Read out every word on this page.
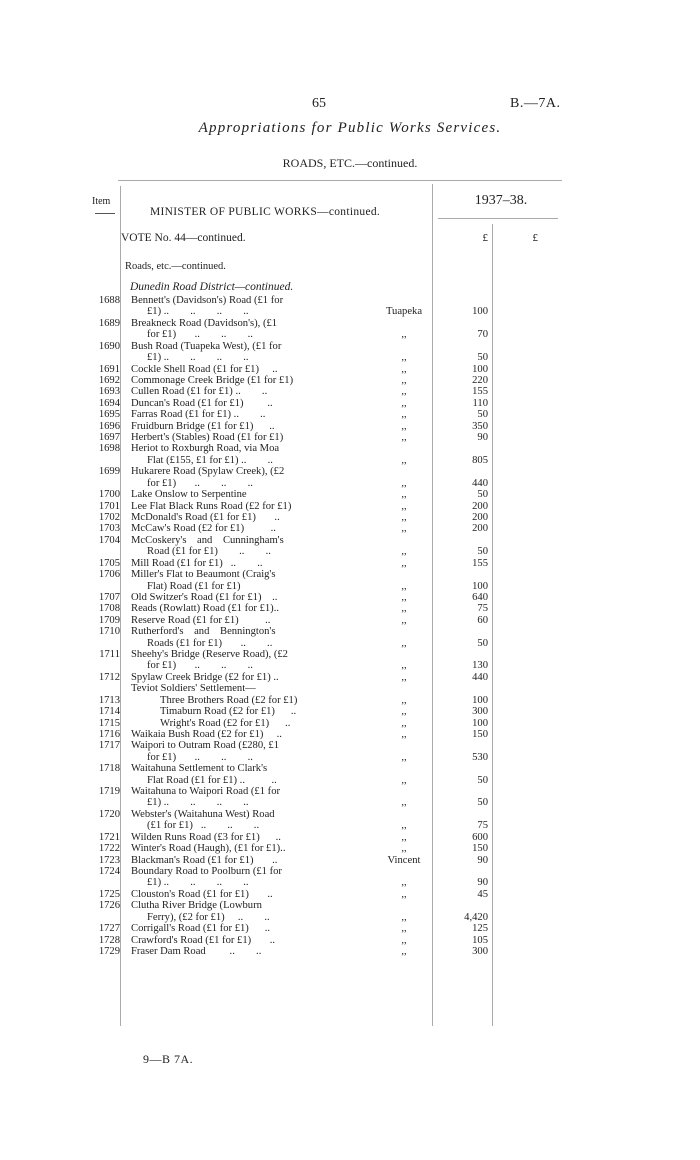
65	B.—7A.
Appropriations for Public Works Services.
ROADS, ETC.—continued.
Item	1937–38.
MINISTER OF PUBLIC WORKS—continued.
VOTE No. 44—continued.	£	£
Roads, etc.—continued.
Dunedin Road District—continued.
1688 Bennett's (Davidson's) Road (£1 for
£1) ..        ..        ..        ..	Tuapeka	100
1689 Breakneck Road (Davidson's), (£1
for £1)       ..        ..        ..	,,	70
1690 Bush Road (Tuapeka West), (£1 for
£1) ..        ..        ..        ..	,,	50
1691 Cockle Shell Road (£1 for £1)     ..	,,	100
1692 Commonage Creek Bridge (£1 for £1)	,,	220
1693 Cullen Road (£1 for £1) ..        ..	,,	155
1694 Duncan's Road (£1 for £1)         ..	,,	110
1695 Farras Road (£1 for £1) ..        ..	,,	50
1696 Fruidburn Bridge (£1 for £1)      ..	,,	350
1697 Herbert's (Stables) Road (£1 for £1)	,,	90
1698 Heriot to Roxburgh Road, via Moa
Flat (£155, £1 for £1) ..        ..	,,	805
1699 Hukarere Road (Spylaw Creek), (£2
for £1)       ..        ..        ..	,,	440
1700 Lake Onslow to Serpentine	,,	50
1701 Lee Flat Black Runs Road (£2 for £1)	,,	200
1702 McDonald's Road (£1 for £1)       ..	,,	200
1703 McCaw's Road (£2 for £1)          ..	,,	200
1704 McCoskery's    and    Cunningham's
Road (£1 for £1)        ..        ..	,,	50
1705 Mill Road (£1 for £1)   ..        ..	,,	155
1706 Miller's Flat to Beaumont (Craig's
Flat) Road (£1 for £1)	,,	100
1707 Old Switzer's Road (£1 for £1)    ..	,,	640
1708 Reads (Rowlatt) Road (£1 for £1)..	,,	75
1709 Reserve Road (£1 for £1)          ..	,,	60
1710 Rutherford's    and    Bennington's
Roads (£1 for £1)       ..        ..	,,	50
1711 Sheehy's Bridge (Reserve Road), (£2
for £1)       ..        ..        ..	,,	130
1712 Spylaw Creek Bridge (£2 for £1) ..	,,	440
Teviot Soldiers' Settlement—
1713	Three Brothers Road (£2 for £1)	,,	100
1714	Timaburn Road (£2 for £1)      ..	,,	300
1715	Wright's Road (£2 for £1)      ..	,,	100
1716 Waikaia Bush Road (£2 for £1)     ..	,,	150
1717 Waipori to Outram Road (£280, £1
for £1)       ..        ..        ..	,,	530
1718 Waitahuna Settlement to Clark's
Flat Road (£1 for £1) ..          ..	,,	50
1719 Waitahuna to Waipori Road (£1 for
£1) ..        ..        ..        ..	,,	50
1720 Webster's (Waitahuna West) Road
(£1 for £1)   ..        ..        ..	,,	75
1721 Wilden Runs Road (£3 for £1)      ..	,,	600
1722 Winter's Road (Haugh), (£1 for £1)..	,,	150
1723 Blackman's Road (£1 for £1)       ..	Vincent	90
1724 Boundary Road to Poolburn (£1 for
£1) ..        ..        ..        ..	,,	90
1725 Clouston's Road (£1 for £1)       ..	,,	45
1726 Clutha River Bridge (Lowburn
Ferry), (£2 for £1)     ..        ..	,,	4,420
1727 Corrigall's Road (£1 for £1)      ..	,,	125
1728 Crawford's Road (£1 for £1)       ..	,,	105
1729 Fraser Dam Road         ..        ..	,,	300
9—B 7A.
